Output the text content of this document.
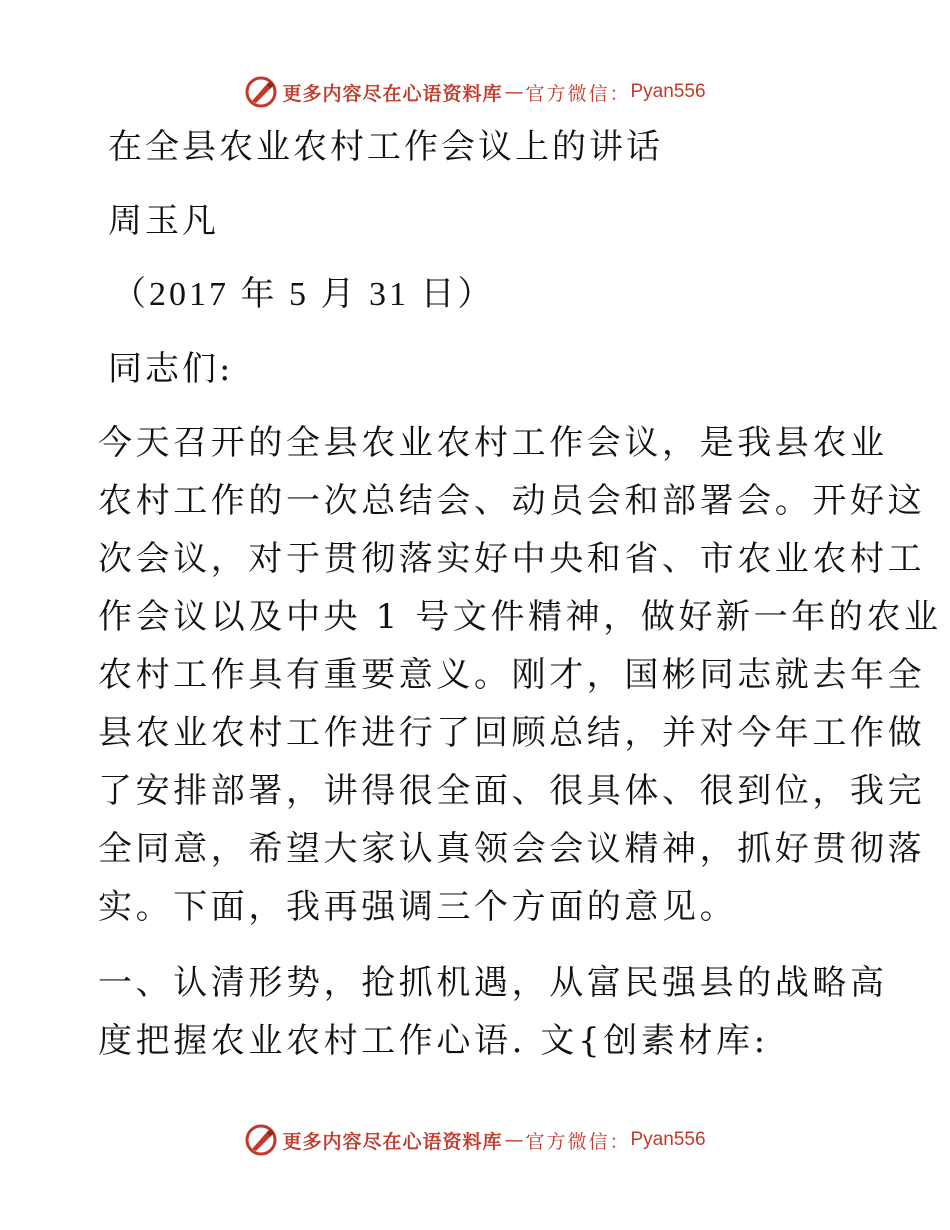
更多内容尽在心语资料库 — 官方微信： Pyan556
在全县农业农村工作会议上的讲话
周玉凡
（2017 年 5 月 31 日）
同志们:
今天召开的全县农业农村工作会议，是我县农业
农村工作的一次总结会、动员会和部署会。开好这
次会议，对于贯彻落实好中央和省、市农业农村工
作会议以及中央 1 号文件精神，做好新一年的农业
农村工作具有重要意义。刚才，国彬同志就去年全
县农业农村工作进行了回顾总结，并对今年工作做
了安排部署，讲得很全面、很具体、很到位，我完
全同意，希望大家认真领会会议精神，抓好贯彻落
实。下面，我再强调三个方面的意见。
一、认清形势，抢抓机遇，从富民强县的战略高
度把握农业农村工作心语. 文{创素材库:
更多内容尽在心语资料库 — 官方微信： Pyan556
